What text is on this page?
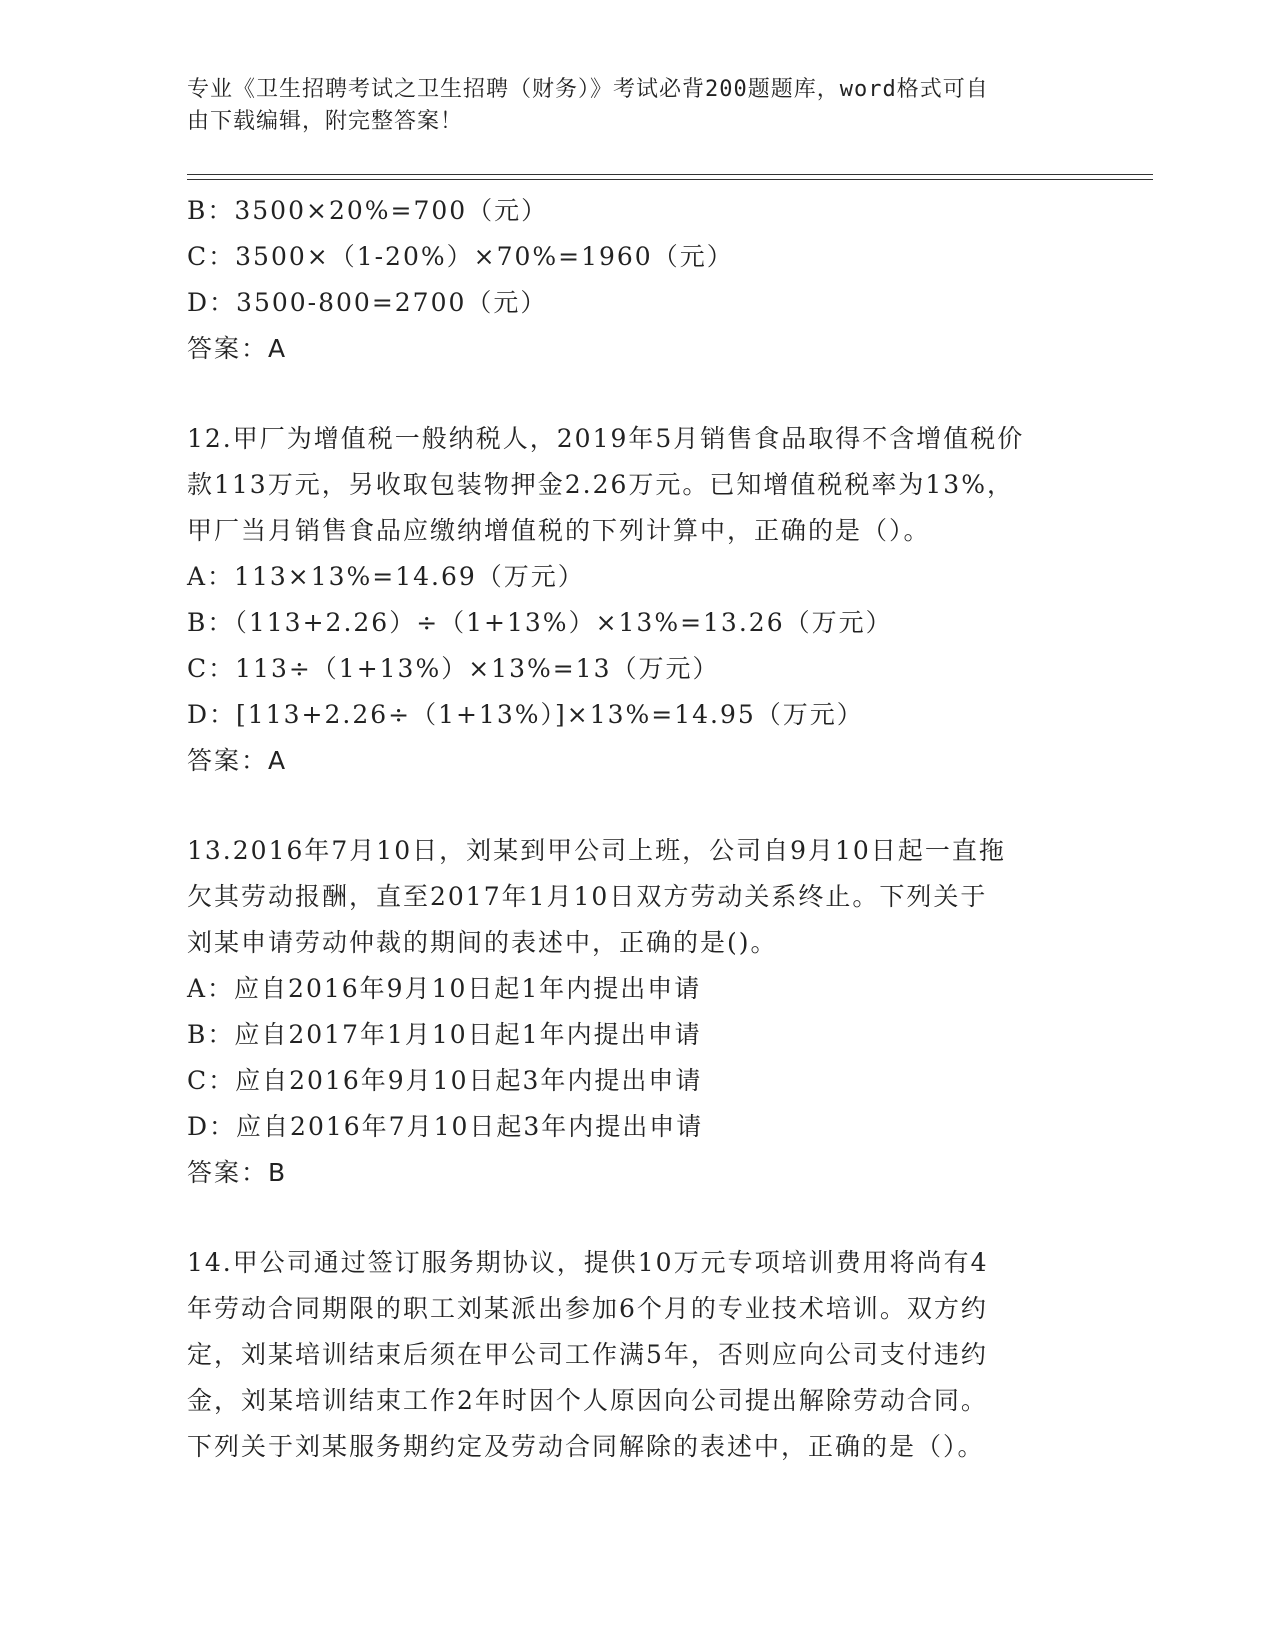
专业《卫生招聘考试之卫生招聘（财务）》考试必背200题题库，word格式可自
由下载编辑，附完整答案！
B：3500×20%=700（元）
C：3500×（1-20%）×70%=1960（元）
D：3500-800=2700（元）
答案：A
12.甲厂为增值税一般纳税人，2019年5月销售食品取得不含增值税价
款113万元，另收取包装物押金2.26万元。已知增值税税率为13%，
甲厂当月销售食品应缴纳增值税的下列计算中，正确的是（）。
A：113×13%=14.69（万元）
B：（113+2.26）÷（1+13%）×13%=13.26（万元）
C：113÷（1+13%）×13%=13（万元）
D：[113+2.26÷（1+13%）]×13%=14.95（万元）
答案：A
13.2016年7月10日，刘某到甲公司上班，公司自9月10日起一直拖
欠其劳动报酬，直至2017年1月10日双方劳动关系终止。下列关于
刘某申请劳动仲裁的期间的表述中，正确的是()。
A：应自2016年9月10日起1年内提出申请
B：应自2017年1月10日起1年内提出申请
C：应自2016年9月10日起3年内提出申请
D：应自2016年7月10日起3年内提出申请
答案：B
14.甲公司通过签订服务期协议，提供10万元专项培训费用将尚有4
年劳动合同期限的职工刘某派出参加6个月的专业技术培训。双方约
定，刘某培训结束后须在甲公司工作满5年，否则应向公司支付违约
金，刘某培训结束工作2年时因个人原因向公司提出解除劳动合同。
下列关于刘某服务期约定及劳动合同解除的表述中，正确的是（）。
